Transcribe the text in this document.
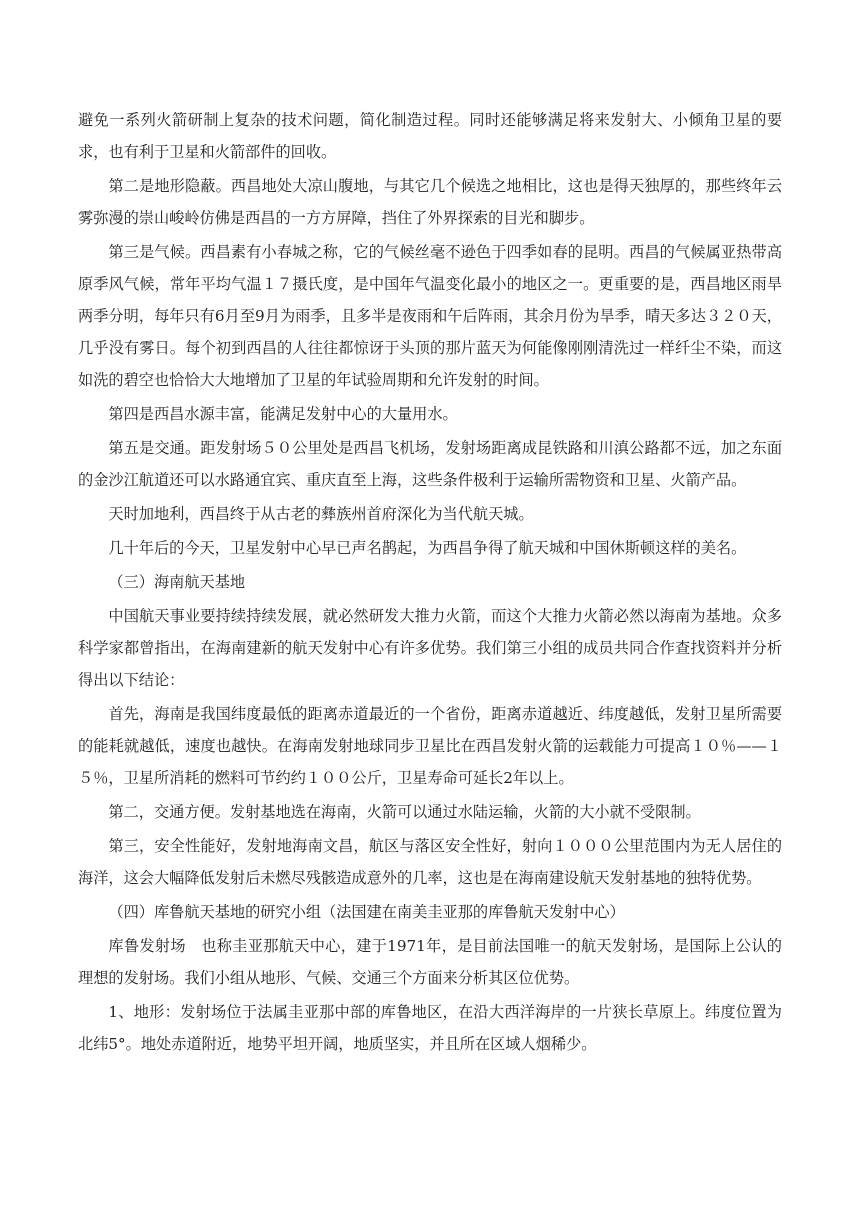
避免一系列火箭研制上复杂的技术问题，简化制造过程。同时还能够满足将来发射大、小倾角卫星的要求，也有利于卫星和火箭部件的回收。

第二是地形隐蔽。西昌地处大凉山腹地，与其它几个候选之地相比，这也是得天独厚的，那些终年云雾弥漫的崇山峻岭仿佛是西昌的一方方屏障，挡住了外界探索的目光和脚步。

第三是气候。西昌素有小春城之称，它的气候丝毫不逊色于四季如春的昆明。西昌的气候属亚热带高原季风气候，常年平均气温１７摄氏度，是中国年气温变化最小的地区之一。更重要的是，西昌地区雨旱两季分明，每年只有6月至9月为雨季，且多半是夜雨和午后阵雨，其余月份为旱季，晴天多达３２０天，几乎没有雾日。每个初到西昌的人往往都惊讶于头顶的那片蓝天为何能像刚刚清洗过一样纤尘不染，而这如洗的碧空也恰恰大大地增加了卫星的年试验周期和允许发射的时间。

第四是西昌水源丰富，能满足发射中心的大量用水。

第五是交通。距发射场５０公里处是西昌飞机场，发射场距离成昆铁路和川滇公路都不远，加之东面的金沙江航道还可以水路通宜宾、重庆直至上海，这些条件极利于运输所需物资和卫星、火箭产品。

天时加地利，西昌终于从古老的彝族州首府深化为当代航天城。

几十年后的今天，卫星发射中心早已声名鹊起，为西昌争得了航天城和中国休斯顿这样的美名。

（三）海南航天基地

中国航天事业要持续持续发展，就必然研发大推力火箭，而这个大推力火箭必然以海南为基地。众多科学家都曾指出，在海南建新的航天发射中心有许多优势。我们第三小组的成员共同合作查找资料并分析得出以下结论：

首先，海南是我国纬度最低的距离赤道最近的一个省份，距离赤道越近、纬度越低，发射卫星所需要的能耗就越低，速度也越快。在海南发射地球同步卫星比在西昌发射火箭的运载能力可提高１０％——１５％，卫星所消耗的燃料可节约约１００公斤，卫星寿命可延长2年以上。

第二，交通方便。发射基地选在海南，火箭可以通过水陆运输，火箭的大小就不受限制。

第三，安全性能好，发射地海南文昌，航区与落区安全性好，射向１０００公里范围内为无人居住的海洋，这会大幅降低发射后未燃尽残骸造成意外的几率，这也是在海南建设航天发射基地的独特优势。

（四）库鲁航天基地的研究小组（法国建在南美圭亚那的库鲁航天发射中心）

库鲁发射场　也称圭亚那航天中心，建于1971年，是目前法国唯一的航天发射场，是国际上公认的理想的发射场。我们小组从地形、气候、交通三个方面来分析其区位优势。

1、地形：发射场位于法属圭亚那中部的库鲁地区，在沿大西洋海岸的一片狭长草原上。纬度位置为北纬5°。地处赤道附近，地势平坦开阔，地质坚实，并且所在区域人烟稀少。
